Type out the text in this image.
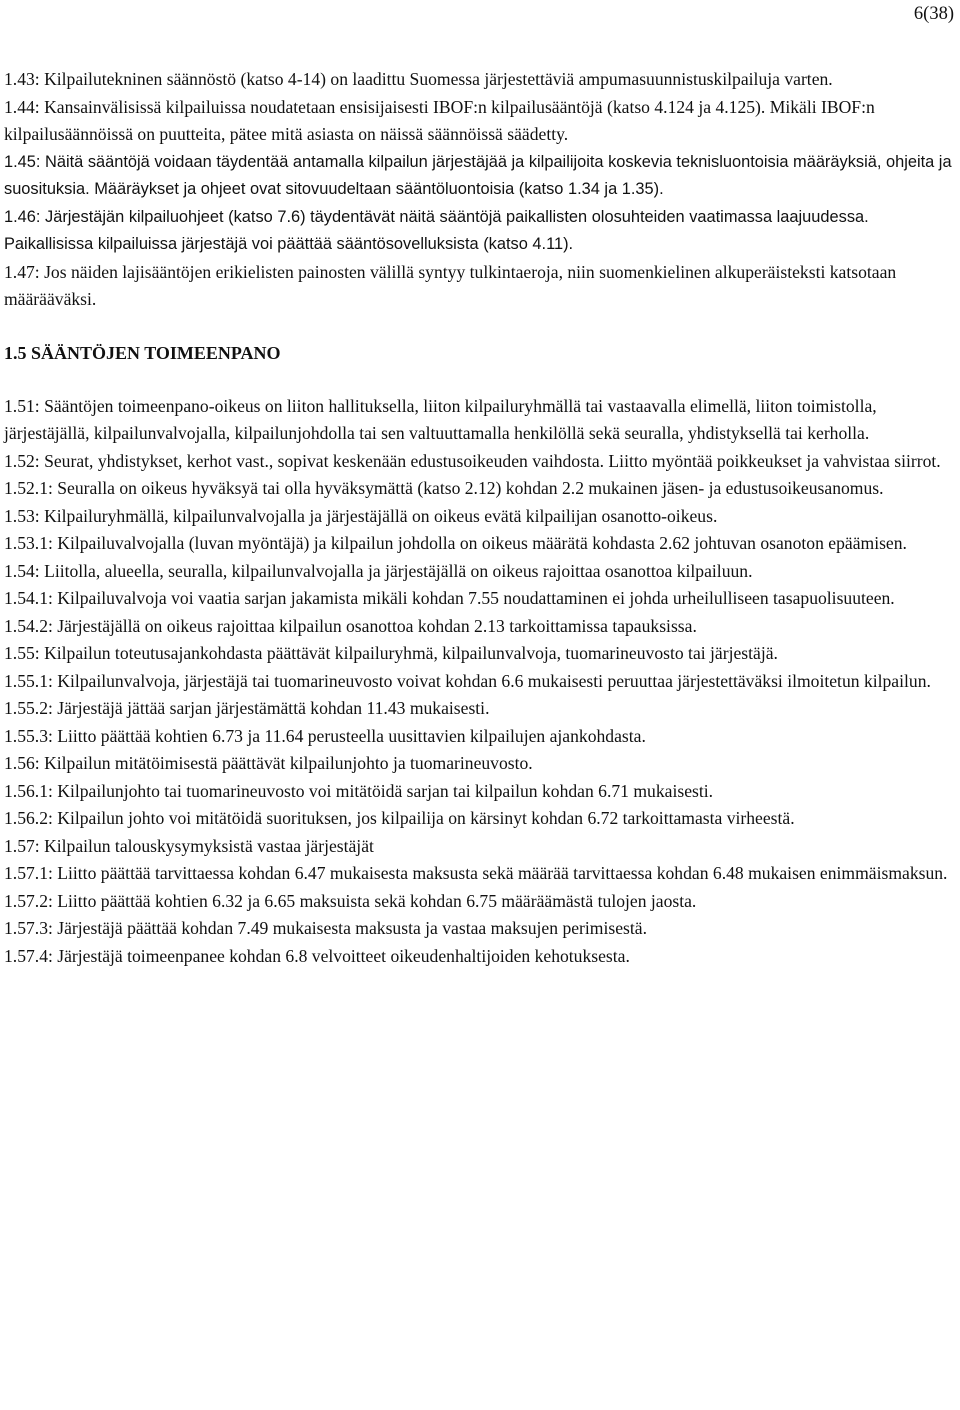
6(38)

1.43: Kilpailutekninen säännöstö (katso 4-14) on laadittu Suomessa järjestettäviä ampumasuunnistuskilpailuja varten.

1.44: Kansainvälisissä kilpailuissa noudatetaan ensisijaisesti IBOF:n kilpailusääntöjä (katso 4.124 ja 4.125). Mikäli IBOF:n kilpailusäännöissä on puutteita, pätee mitä asiasta on näissä säännöissä säädetty.

1.45: Näitä sääntöjä voidaan täydentää antamalla kilpailun järjestäjää ja kilpailijoita koskevia teknisluontoisia määräyksiä, ohjeita ja suosituksia. Määräykset ja ohjeet ovat sitovuudeltaan sääntöluontoisia (katso 1.34 ja 1.35).

1.46: Järjestäjän kilpailuohjeet (katso 7.6) täydentävät näitä sääntöjä paikallisten olosuhteiden vaatimassa laajuudessa. Paikallisissa kilpailuissa järjestäjä voi päättää sääntösovelluksista (katso 4.11).

1.47: Jos näiden lajisääntöjen erikielisten painosten välillä syntyy tulkintaeroja, niin suomenkielinen alkuperäisteksti katsotaan määrääväksi.

1.5 SÄÄNTÖJEN TOIMEENPANO

1.51: Sääntöjen toimeenpano-oikeus on liiton hallituksella, liiton kilpailuryhmällä tai vastaavalla elimellä, liiton toimistolla, järjestäjällä, kilpailunvalvojalla, kilpailunjohdolla tai sen valtuuttamalla henkilöllä sekä seuralla, yhdistyksellä tai kerholla.

1.52: Seurat, yhdistykset, kerhot vast., sopivat keskenään edustusoikeuden vaihdosta. Liitto myöntää poikkeukset ja vahvistaa siirrot.

1.52.1: Seuralla on oikeus hyväksyä tai olla hyväksymättä (katso 2.12) kohdan 2.2 mukainen jäsen- ja edustusoikeusanomus.

1.53: Kilpailuryhmällä, kilpailunvalvojalla ja järjestäjällä on oikeus evätä kilpailijan osanotto-oikeus.

1.53.1: Kilpailuvalvojalla (luvan myöntäjä) ja kilpailun johdolla on oikeus määrätä kohdasta 2.62 johtuvan osanoton epäämisen.

1.54: Liitolla, alueella, seuralla, kilpailunvalvojalla ja järjestäjällä on oikeus rajoittaa osanottoa kilpailuun.

1.54.1: Kilpailuvalvoja voi vaatia sarjan jakamista mikäli kohdan 7.55 noudattaminen ei johda urheilulliseen tasapuolisuuteen.

1.54.2: Järjestäjällä on oikeus rajoittaa kilpailun osanottoa kohdan 2.13 tarkoittamissa tapauksissa.

1.55: Kilpailun toteutusajankohdasta päättävät kilpailuryhmä, kilpailunvalvoja, tuomarineuvosto tai järjestäjä.

1.55.1: Kilpailunvalvoja, järjestäjä tai tuomarineuvosto voivat kohdan 6.6 mukaisesti peruuttaa järjestettäväksi ilmoitetun kilpailun.

1.55.2: Järjestäjä jättää sarjan järjestämättä kohdan 11.43 mukaisesti.

1.55.3: Liitto päättää kohtien 6.73 ja 11.64 perusteella uusittavien kilpailujen ajankohdasta.

1.56: Kilpailun mitätöimisestä päättävät kilpailunjohto ja tuomarineuvosto.

1.56.1: Kilpailunjohto tai tuomarineuvosto voi mitätöidä sarjan tai kilpailun kohdan 6.71 mukaisesti.

1.56.2: Kilpailun johto voi mitätöidä suorituksen, jos kilpailija on kärsinyt kohdan 6.72 tarkoittamasta virheestä.

1.57: Kilpailun talouskysymyksistä vastaa järjestäjät

1.57.1: Liitto päättää tarvittaessa kohdan 6.47 mukaisesta maksusta sekä määrää tarvittaessa kohdan 6.48 mukaisen enimmäismaksun.

1.57.2: Liitto päättää kohtien 6.32 ja 6.65 maksuista sekä kohdan 6.75 määräämästä tulojen jaosta.

1.57.3: Järjestäjä päättää kohdan 7.49 mukaisesta maksusta ja vastaa maksujen perimisestä.

1.57.4: Järjestäjä toimeenpanee kohdan 6.8 velvoitteet oikeudenhaltijoiden kehotuksesta.
